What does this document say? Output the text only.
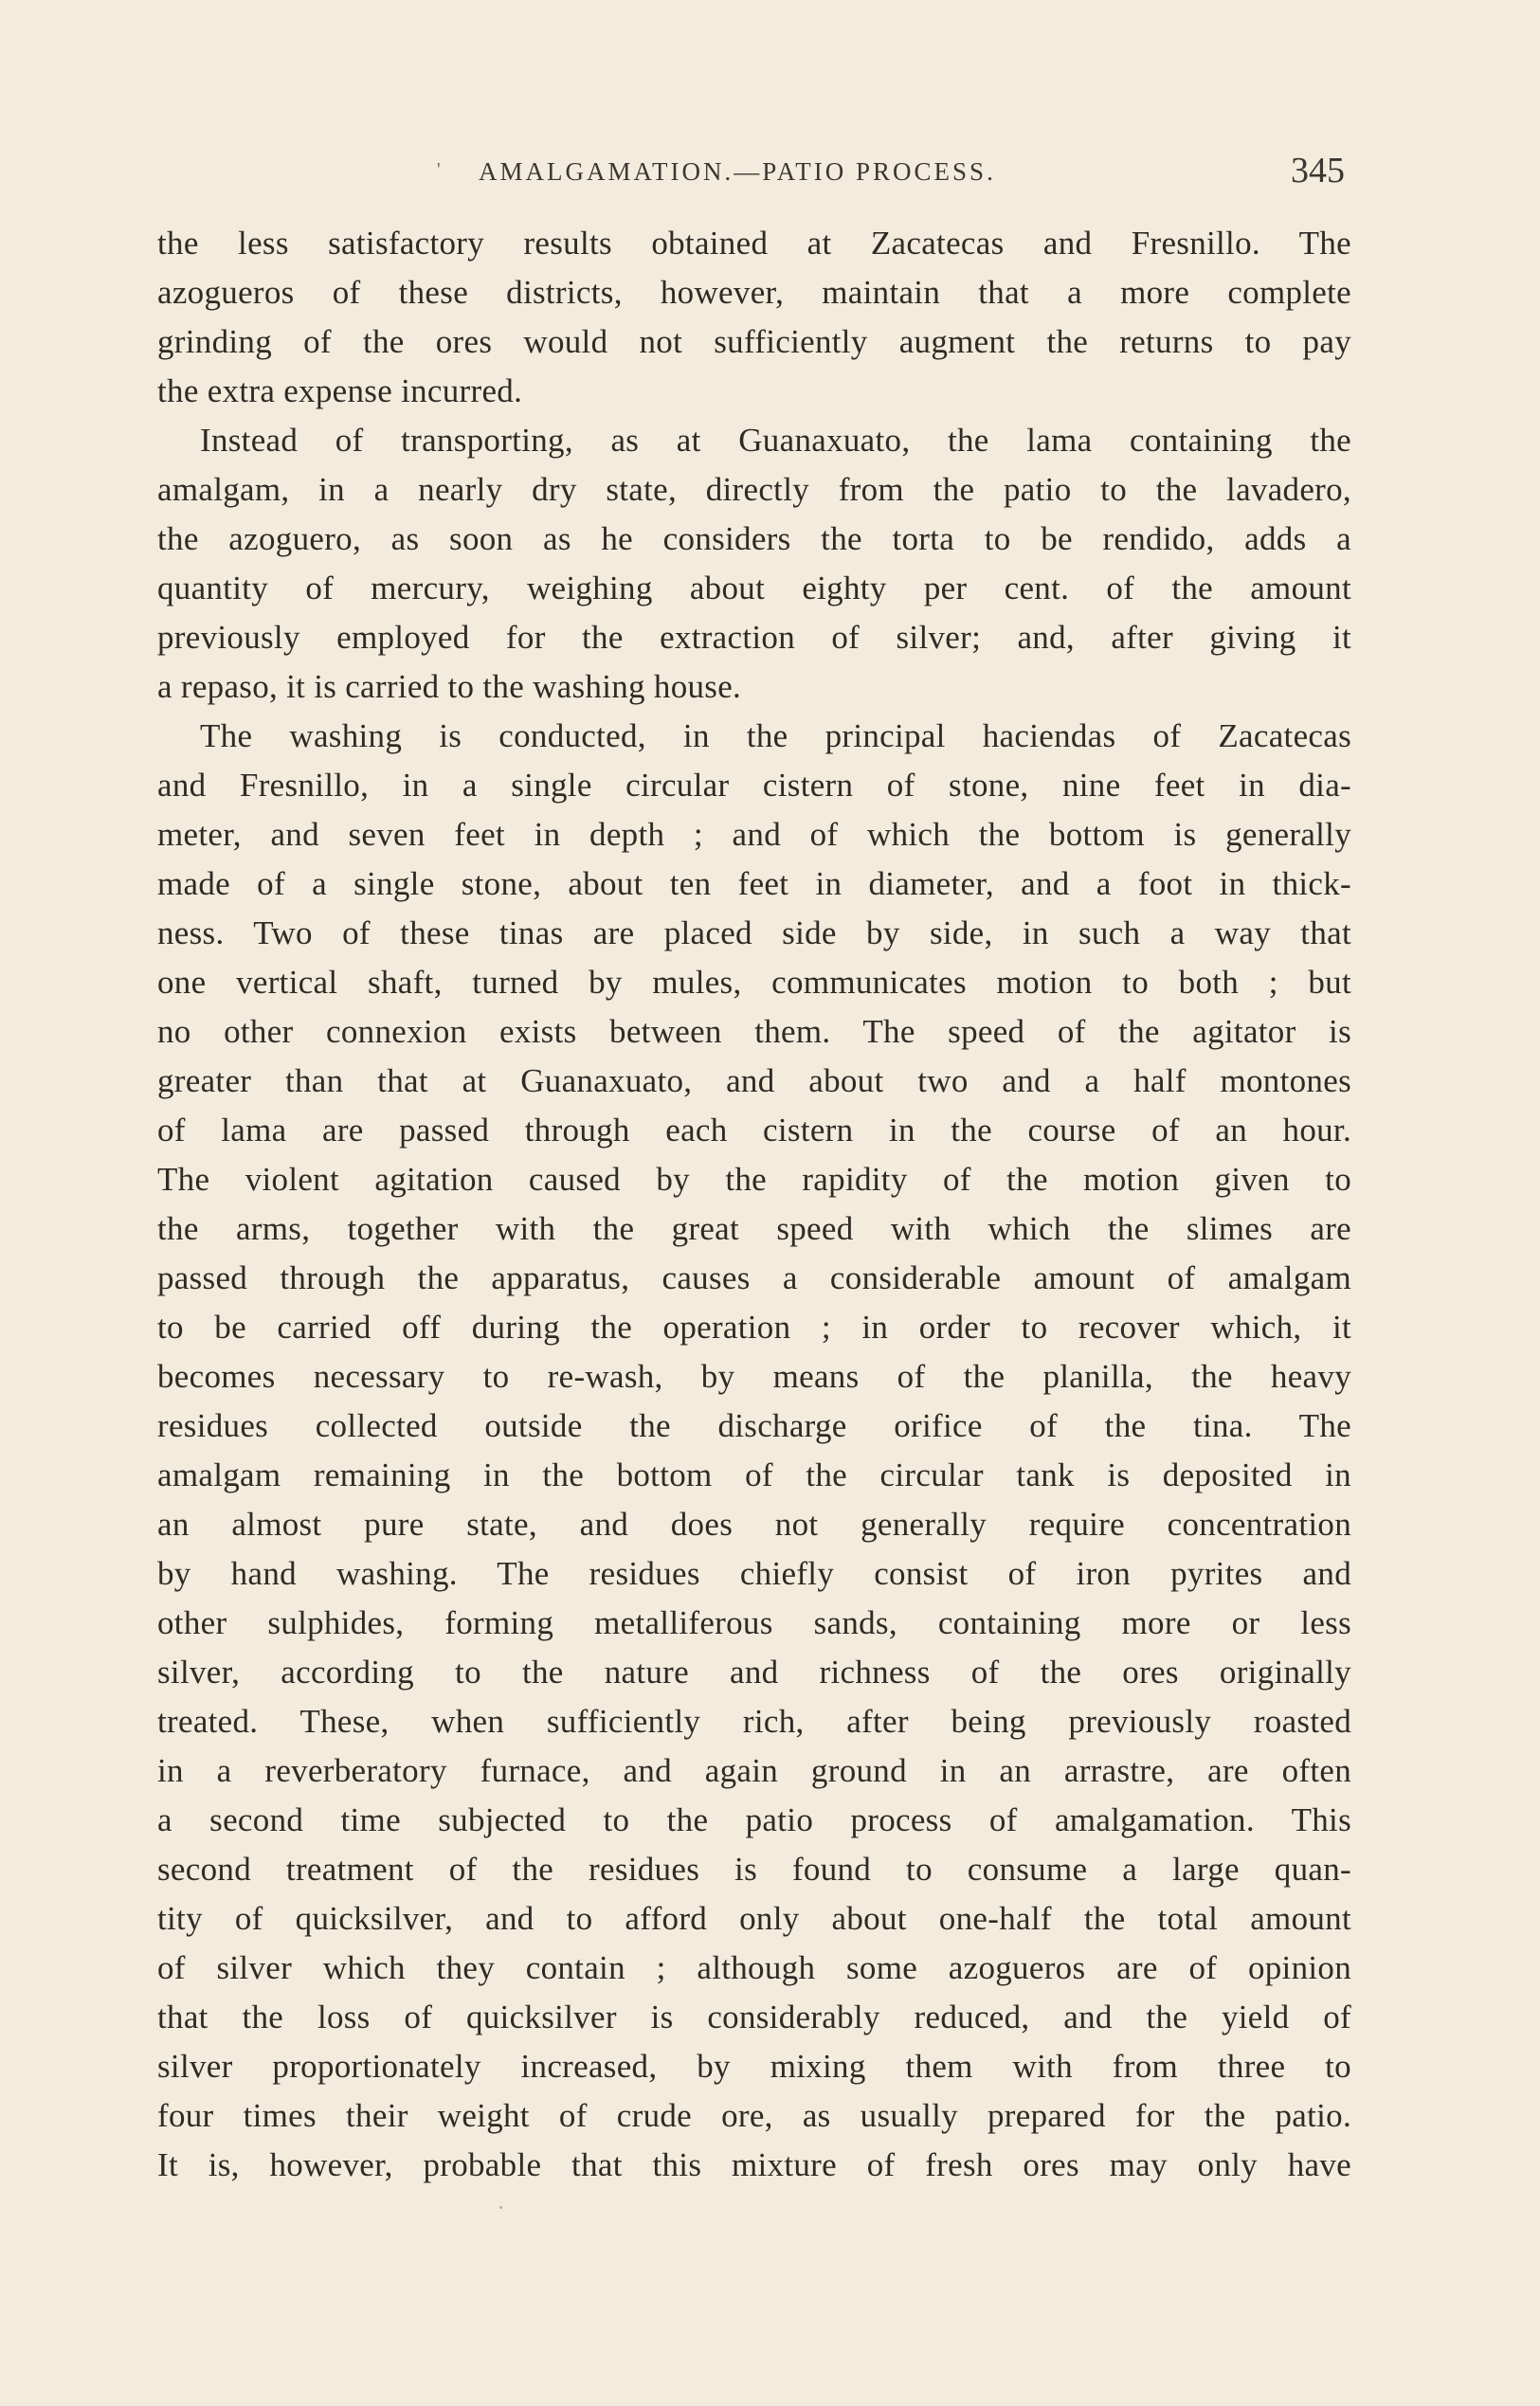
' AMALGAMATION.—PATIO PROCESS.	345
the less satisfactory results obtained at Zacatecas and Fresnillo. The
azogueros of these districts, however, maintain that a more complete
grinding of the ores would not sufficiently augment the returns to pay
the extra expense incurred.
Instead of transporting, as at Guanaxuato, the lama containing the
amalgam, in a nearly dry state, directly from the patio to the lavadero,
the azoguero, as soon as he considers the torta to be rendido, adds a
quantity of mercury, weighing about eighty per cent. of the amount
previously employed for the extraction of silver; and, after giving it
a repaso, it is carried to the washing house.
The washing is conducted, in the principal haciendas of Zacatecas
and Fresnillo, in a single circular cistern of stone, nine feet in dia-
meter, and seven feet in depth ; and of which the bottom is generally
made of a single stone, about ten feet in diameter, and a foot in thick-
ness. Two of these tinas are placed side by side, in such a way that
one vertical shaft, turned by mules, communicates motion to both ; but
no other connexion exists between them. The speed of the agitator is
greater than that at Guanaxuato, and about two and a half montones
of lama are passed through each cistern in the course of an hour.
The violent agitation caused by the rapidity of the motion given to
the arms, together with the great speed with which the slimes are
passed through the apparatus, causes a considerable amount of amalgam
to be carried off during the operation ; in order to recover which, it
becomes necessary to re-wash, by means of the planilla, the heavy
residues collected outside the discharge orifice of the tina. The
amalgam remaining in the bottom of the circular tank is deposited in
an almost pure state, and does not generally require concentration
by hand washing. The residues chiefly consist of iron pyrites and
other sulphides, forming metalliferous sands, containing more or less
silver, according to the nature and richness of the ores originally
treated. These, when sufficiently rich, after being previously roasted
in a reverberatory furnace, and again ground in an arrastre, are often
a second time subjected to the patio process of amalgamation. This
second treatment of the residues is found to consume a large quan-
tity of quicksilver, and to afford only about one-half the total amount
of silver which they contain ; although some azogueros are of opinion
that the loss of quicksilver is considerably reduced, and the yield of
silver proportionately increased, by mixing them with from three to
four times their weight of crude ore, as usually prepared for the patio.
It is, however, probable that this mixture of fresh ores may only have
